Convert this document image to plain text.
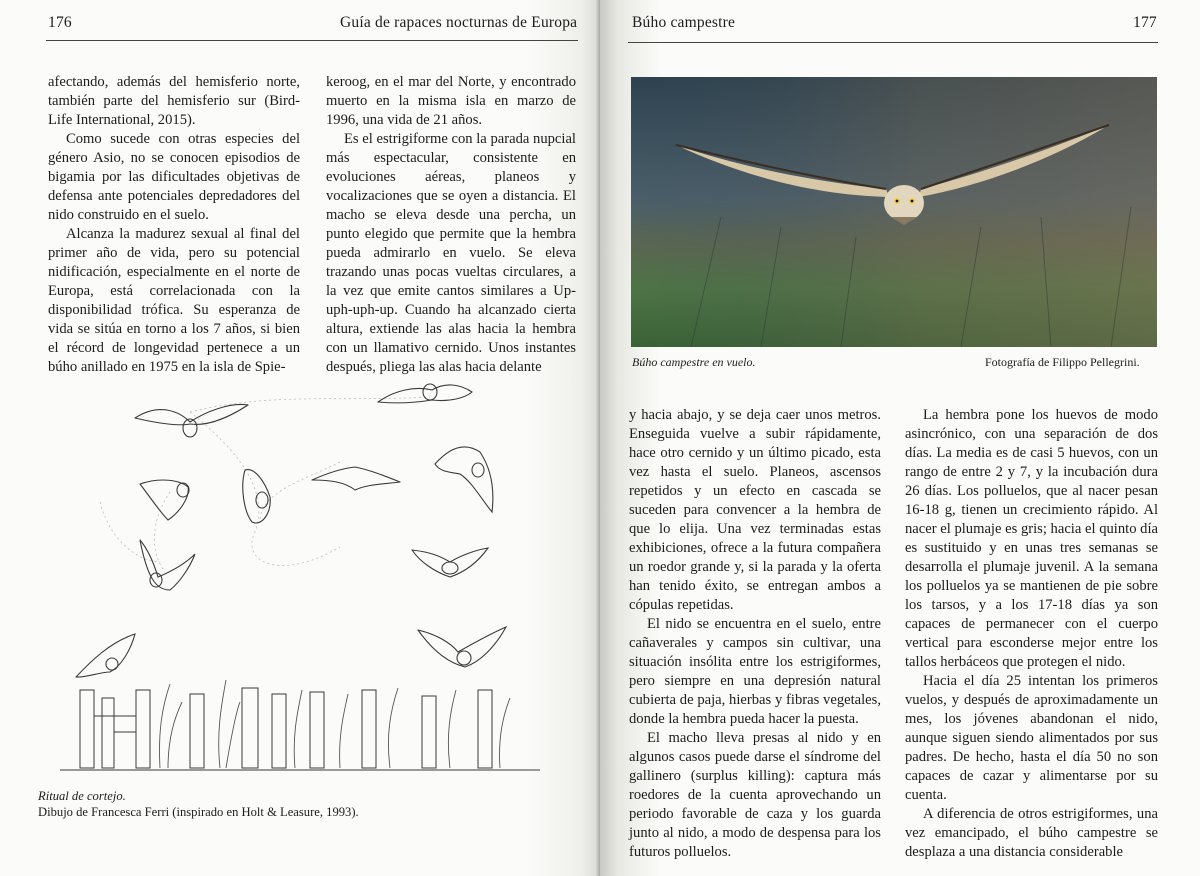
176	Guía de rapaces nocturnas de Europa

afectando, además del hemisferio norte, también parte del hemisferio sur (Bird-Life International, 2015).

Como sucede con otras especies del género Asio, no se conocen episodios de bigamia por las dificultades objetivas de defensa ante potenciales depredadores del nido construido en el suelo.

Alcanza la madurez sexual al final del primer año de vida, pero su potencial nidificación, especialmente en el norte de Europa, está correlacionada con la disponibilidad trófica. Su esperanza de vida se sitúa en torno a los 7 años, si bien el récord de longevidad pertenece a un búho anillado en 1975 en la isla de Spie-

keroog, en el mar del Norte, y encontrado muerto en la misma isla en marzo de 1996, una vida de 21 años.

Es el estrigiforme con la parada nupcial más espectacular, consistente en evoluciones aéreas, planeos y vocalizaciones que se oyen a distancia. El macho se eleva desde una percha, un punto elegido que permite que la hembra pueda admirarlo en vuelo. Se eleva trazando unas pocas vueltas circulares, a la vez que emite cantos similares a Up-uph-uph-up. Cuando ha alcanzado cierta altura, extiende las alas hacia la hembra con un llamativo cernido. Unos instantes después, pliega las alas hacia delante

Ritual de cortejo.
Dibujo de Francesca Ferri (inspirado en Holt & Leasure, 1993).
Búho campestre	177
Búho campestre en vuelo.	Fotografía de Filippo Pellegrini.

y hacia abajo, y se deja caer unos metros. Enseguida vuelve a subir rápidamente, hace otro cernido y un último picado, esta vez hasta el suelo. Planeos, ascensos repetidos y un efecto en cascada se suceden para convencer a la hembra de que lo elija. Una vez terminadas estas exhibiciones, ofrece a la futura compañera un roedor grande y, si la parada y la oferta han tenido éxito, se entregan ambos a cópulas repetidas.

El nido se encuentra en el suelo, entre cañaverales y campos sin cultivar, una situación insólita entre los estrigiformes, pero siempre en una depresión natural cubierta de paja, hierbas y fibras vegetales, donde la hembra pueda hacer la puesta.

El macho lleva presas al nido y en algunos casos puede darse el síndrome del gallinero (surplus killing): captura más roedores de la cuenta aprovechando un periodo favorable de caza y los guarda junto al nido, a modo de despensa para los futuros polluelos.

La hembra pone los huevos de modo asincrónico, con una separación de dos días. La media es de casi 5 huevos, con un rango de entre 2 y 7, y la incubación dura 26 días. Los polluelos, que al nacer pesan 16-18 g, tienen un crecimiento rápido. Al nacer el plumaje es gris; hacia el quinto día es sustituido y en unas tres semanas se desarrolla el plumaje juvenil. A la semana los polluelos ya se mantienen de pie sobre los tarsos, y a los 17-18 días ya son capaces de permanecer con el cuerpo vertical para esconderse mejor entre los tallos herbáceos que protegen el nido.

Hacia el día 25 intentan los primeros vuelos, y después de aproximadamente un mes, los jóvenes abandonan el nido, aunque siguen siendo alimentados por sus padres. De hecho, hasta el día 50 no son capaces de cazar y alimentarse por su cuenta.

A diferencia de otros estrigiformes, una vez emancipado, el búho campestre se desplaza a una distancia considerable
